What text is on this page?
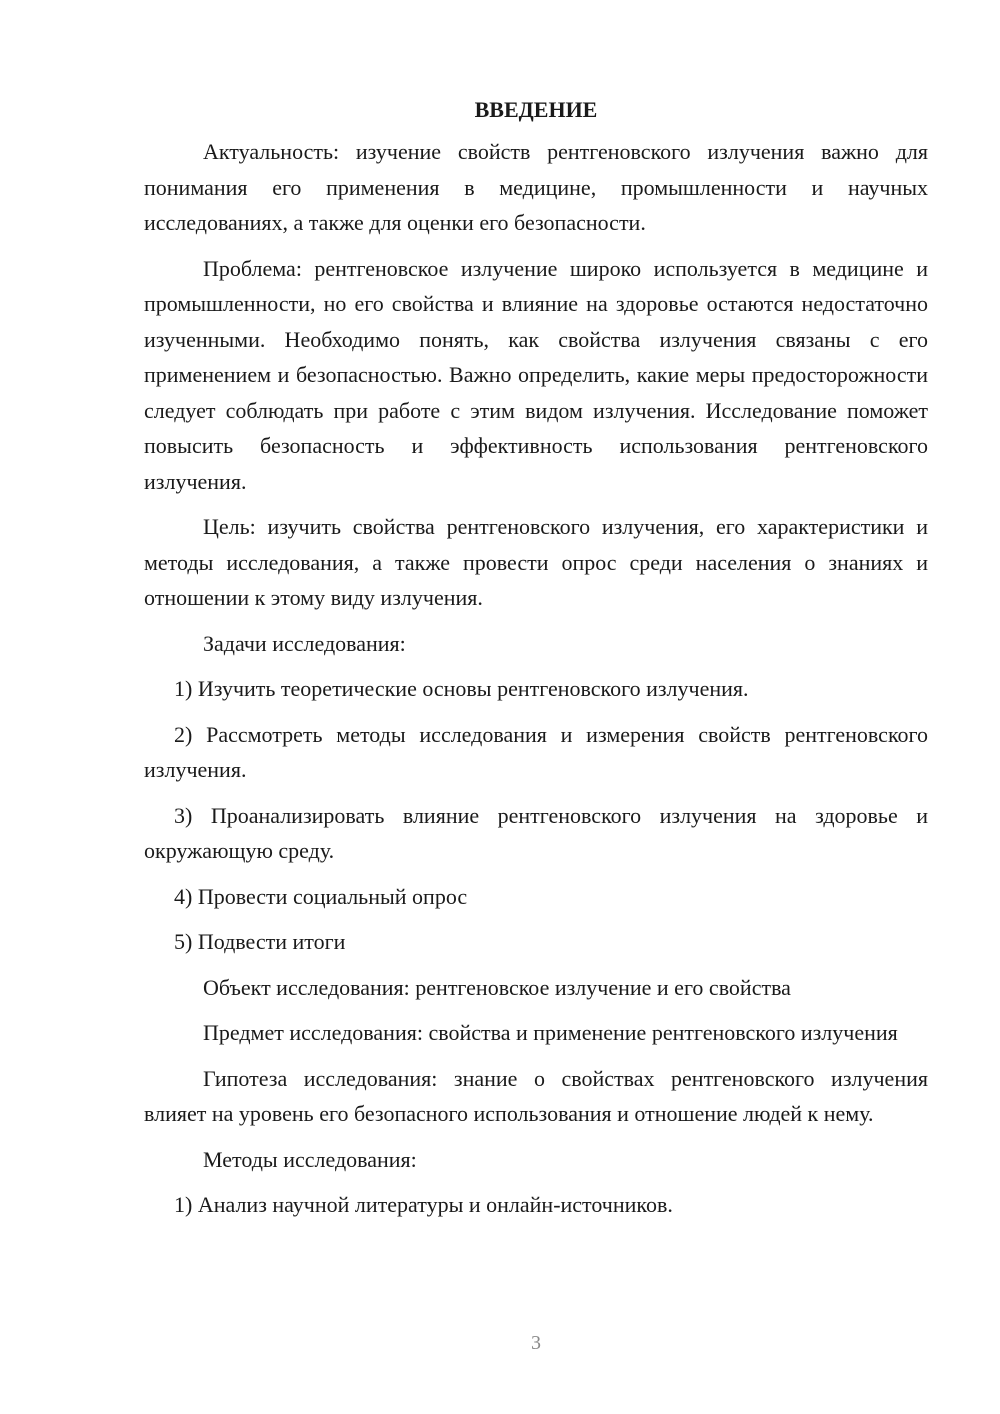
ВВЕДЕНИЕ

Актуальность: изучение свойств рентгеновского излучения важно для понимания его применения в медицине, промышленности и научных исследованиях, а также для оценки его безопасности.

Проблема: рентгеновское излучение широко используется в медицине и промышленности, но его свойства и влияние на здоровье остаются недостаточно изученными. Необходимо понять, как свойства излучения связаны с его применением и безопасностью. Важно определить, какие меры предосторожности следует соблюдать при работе с этим видом излучения. Исследование поможет повысить безопасность и эффективность использования рентгеновского излучения.

Цель: изучить свойства рентгеновского излучения, его характеристики и методы исследования, а также провести опрос среди населения о знаниях и отношении к этому виду излучения.

Задачи исследования:

1) Изучить теоретические основы рентгеновского излучения.

2) Рассмотреть методы исследования и измерения свойств рентгеновского излучения.

3) Проанализировать влияние рентгеновского излучения на здоровье и окружающую среду.

4) Провести социальный опрос

5) Подвести итоги

Объект исследования: рентгеновское излучение и его свойства

Предмет исследования: свойства и применение рентгеновского излучения

Гипотеза исследования: знание о свойствах рентгеновского излучения влияет на уровень его безопасного использования и отношение людей к нему.

Методы исследования:

1) Анализ научной литературы и онлайн-источников.

3
